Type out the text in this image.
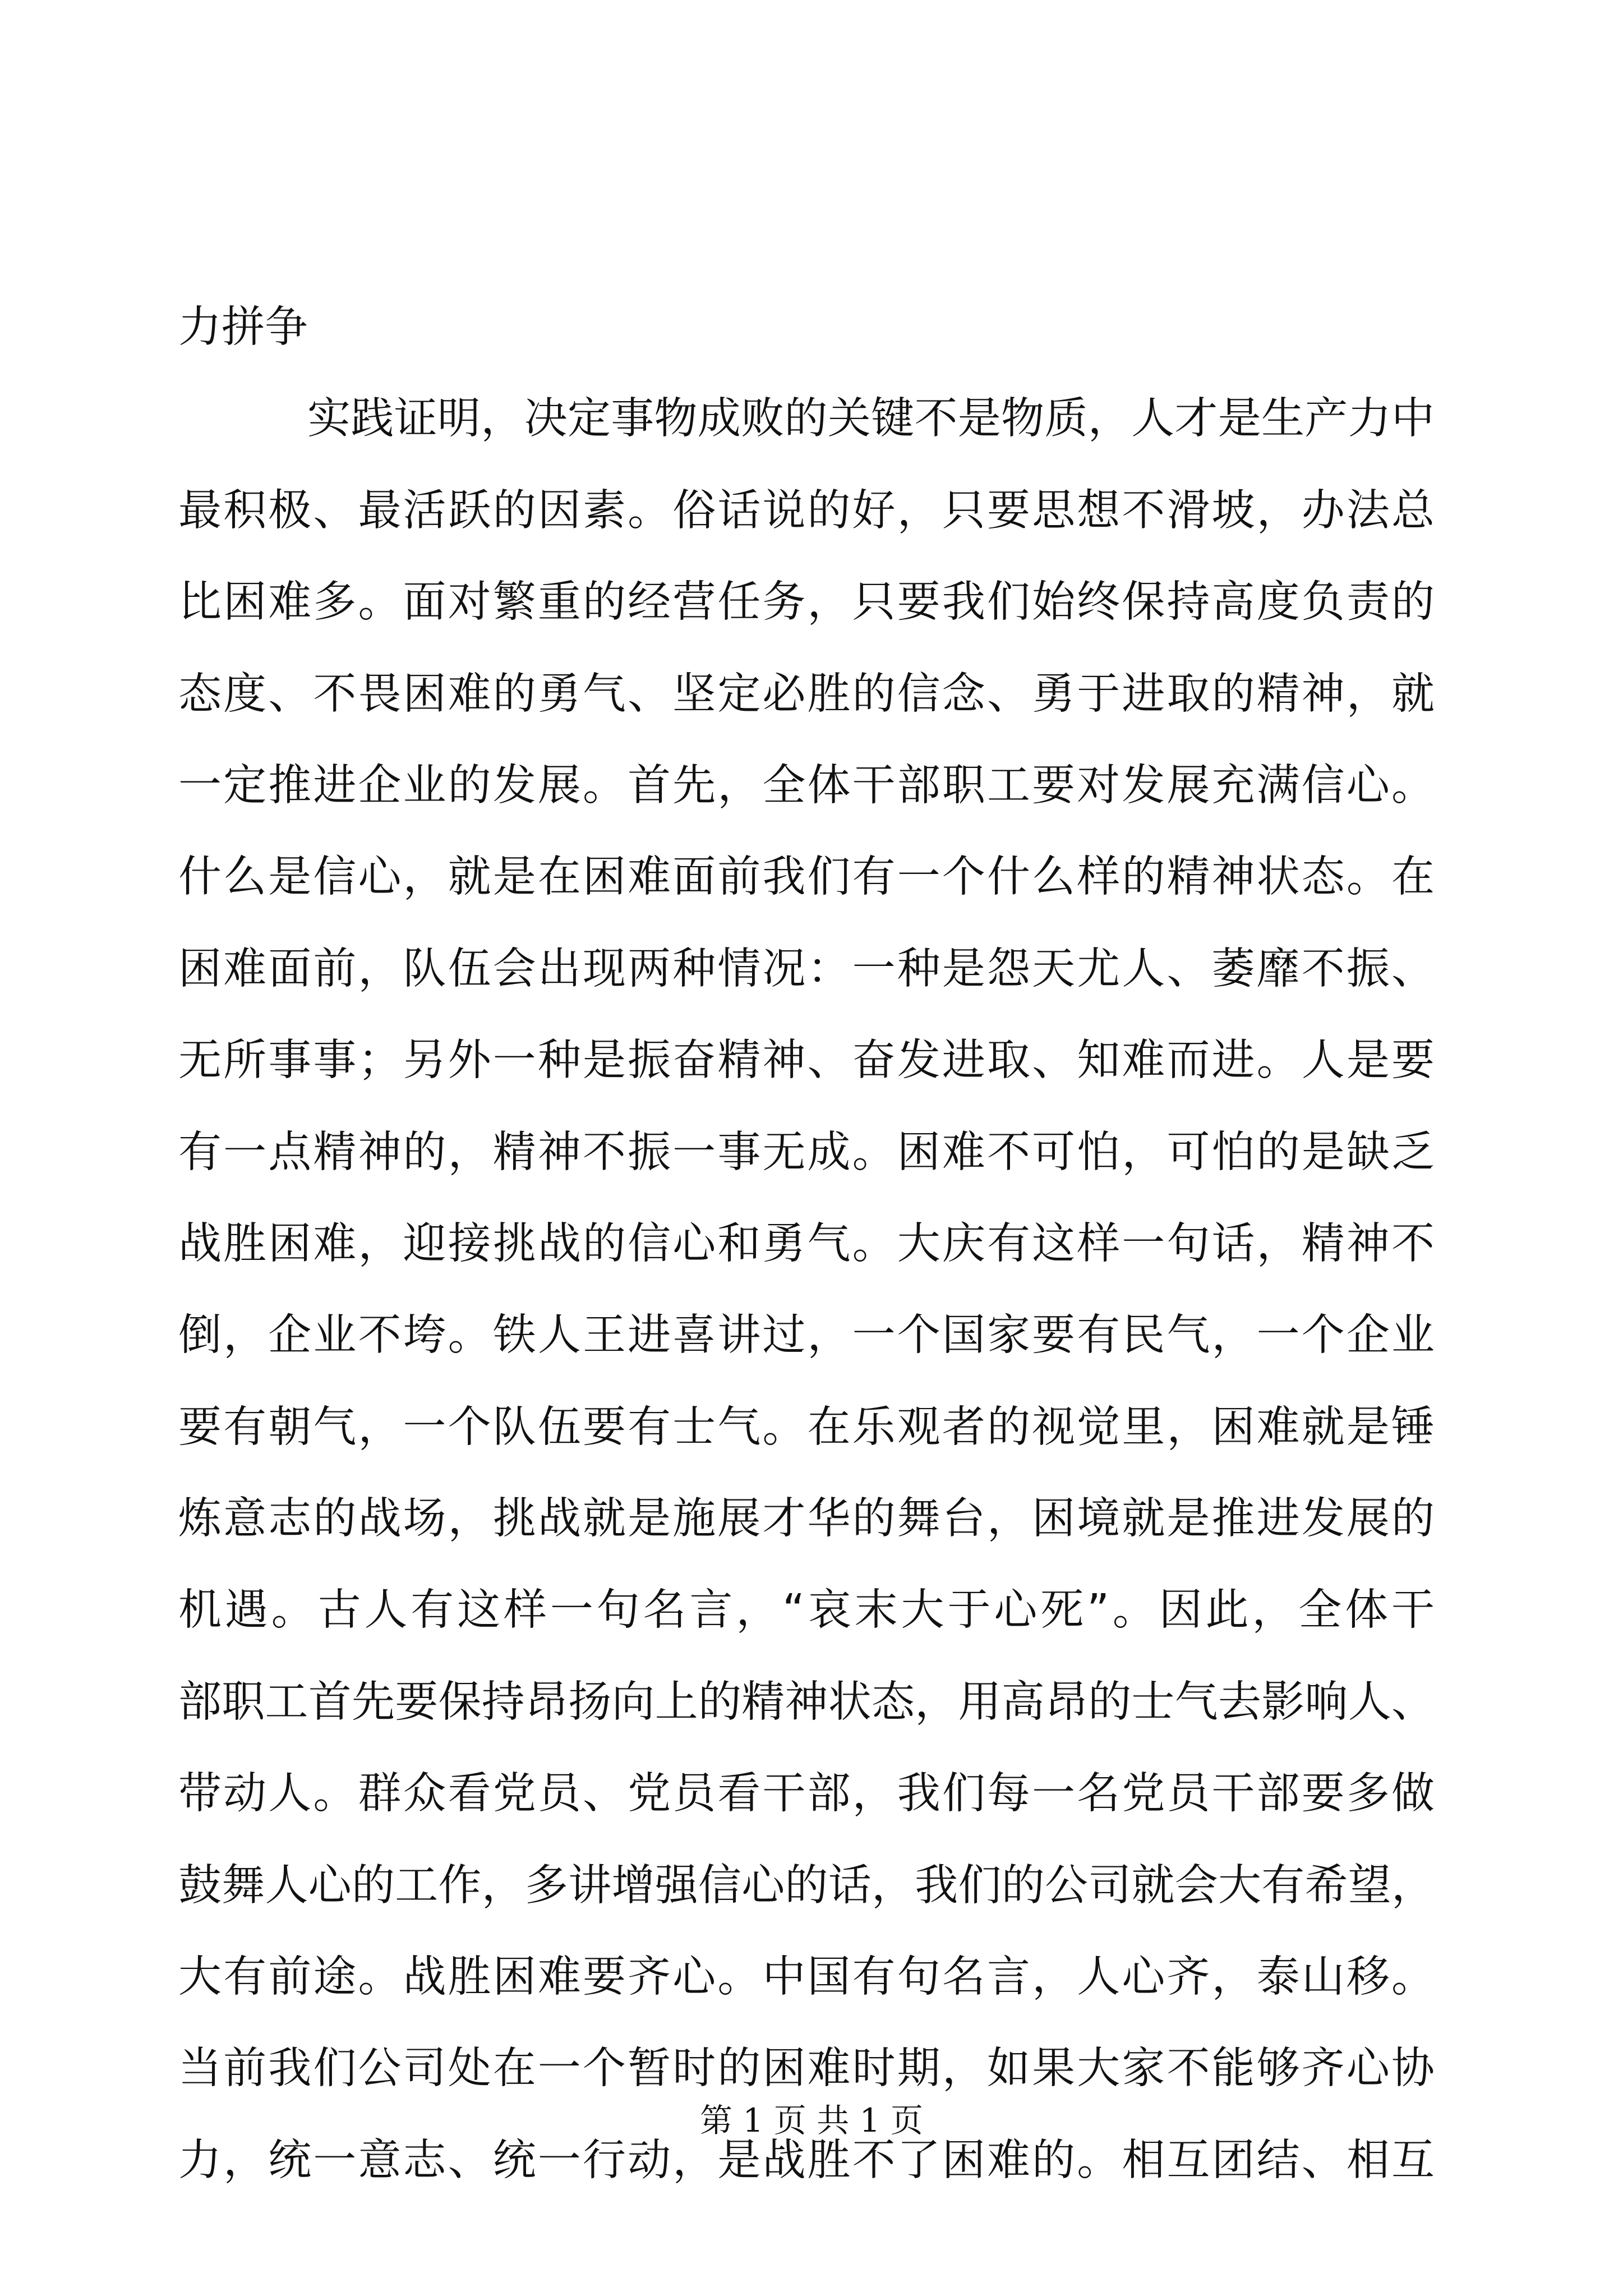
力拼争
实践证明，决定事物成败的关键不是物质，人才是生产力中
最积极、最活跃的因素。俗话说的好，只要思想不滑坡，办法总
比困难多。面对繁重的经营任务，只要我们始终保持高度负责的
态度、不畏困难的勇气、坚定必胜的信念、勇于进取的精神，就
一定推进企业的发展。首先，全体干部职工要对发展充满信心。
什么是信心，就是在困难面前我们有一个什么样的精神状态。在
困难面前，队伍会出现两种情况：一种是怨天尤人、萎靡不振、
无所事事；另外一种是振奋精神、奋发进取、知难而进。人是要
有一点精神的，精神不振一事无成。困难不可怕，可怕的是缺乏
战胜困难，迎接挑战的信心和勇气。大庆有这样一句话，精神不
倒，企业不垮。铁人王进喜讲过，一个国家要有民气，一个企业
要有朝气，一个队伍要有士气。在乐观者的视觉里，困难就是锤
炼意志的战场，挑战就是施展才华的舞台，困境就是推进发展的
机遇。古人有这样一句名言，“哀末大于心死”。因此，全体干
部职工首先要保持昂扬向上的精神状态，用高昂的士气去影响人、
带动人。群众看党员、党员看干部，我们每一名党员干部要多做
鼓舞人心的工作，多讲增强信心的话，我们的公司就会大有希望，
大有前途。战胜困难要齐心。中国有句名言，人心齐，泰山移。
当前我们公司处在一个暂时的困难时期，如果大家不能够齐心协
力，统一意志、统一行动，是战胜不了困难的。相互团结、相互
第 1 页 共 1 页
